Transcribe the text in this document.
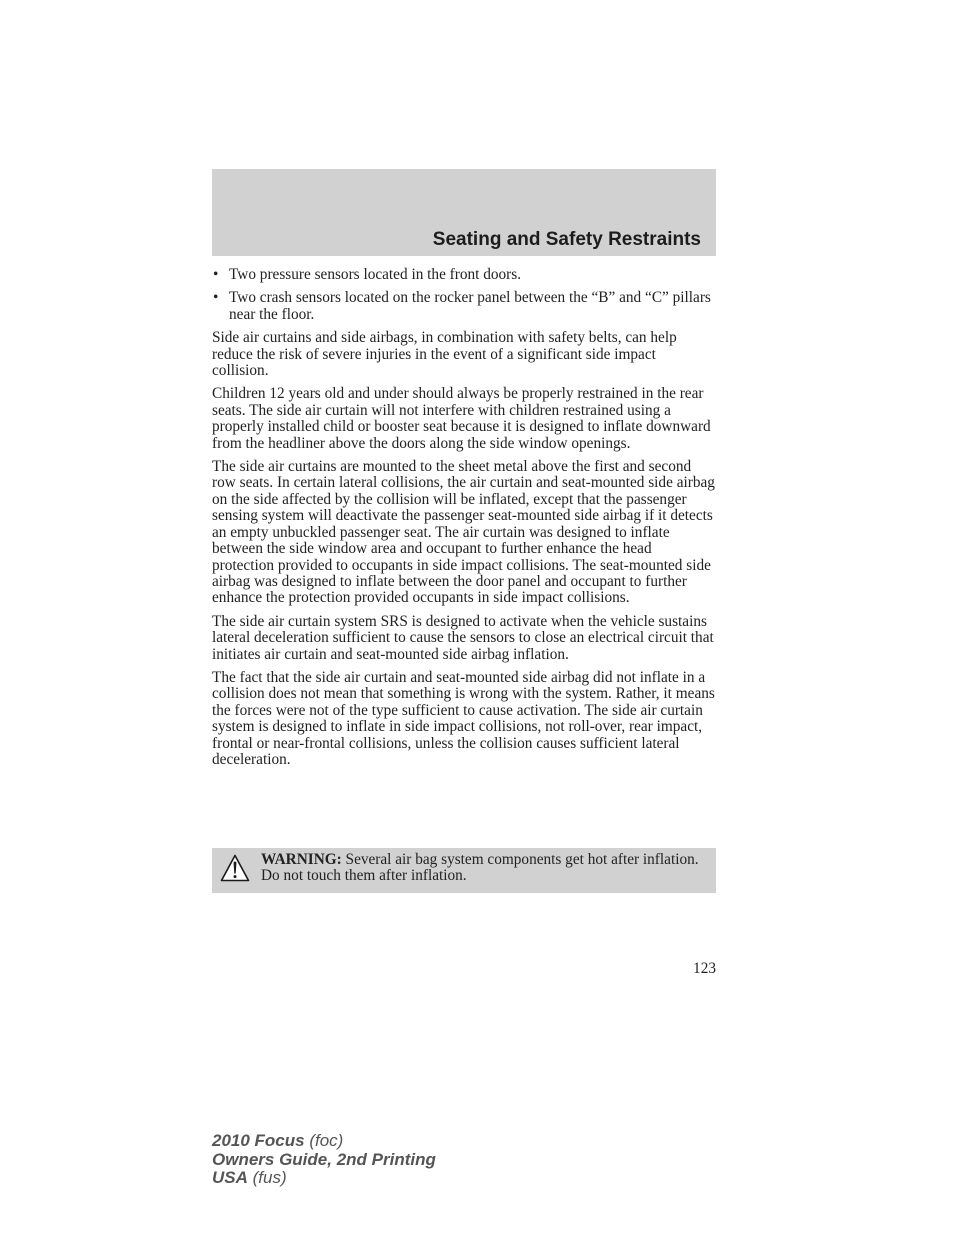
Seating and Safety Restraints
• Two pressure sensors located in the front doors.
• Two crash sensors located on the rocker panel between the “B” and “C” pillars near the floor.

Side air curtains and side airbags, in combination with safety belts, can help reduce the risk of severe injuries in the event of a significant side impact collision.

Children 12 years old and under should always be properly restrained in the rear seats. The side air curtain will not interfere with children restrained using a properly installed child or booster seat because it is designed to inflate downward from the headliner above the doors along the side window openings.

The side air curtains are mounted to the sheet metal above the first and second row seats. In certain lateral collisions, the air curtain and seat-mounted side airbag on the side affected by the collision will be inflated, except that the passenger sensing system will deactivate the passenger seat-mounted side airbag if it detects an empty unbuckled passenger seat. The air curtain was designed to inflate between the side window area and occupant to further enhance the head protection provided to occupants in side impact collisions. The seat-mounted side airbag was designed to inflate between the door panel and occupant to further enhance the protection provided occupants in side impact collisions.

The side air curtain system SRS is designed to activate when the vehicle sustains lateral deceleration sufficient to cause the sensors to close an electrical circuit that initiates air curtain and seat-mounted side airbag inflation.

The fact that the side air curtain and seat-mounted side airbag did not inflate in a collision does not mean that something is wrong with the system. Rather, it means the forces were not of the type sufficient to cause activation. The side air curtain system is designed to inflate in side impact collisions, not roll-over, rear impact, frontal or near-frontal collisions, unless the collision causes sufficient lateral deceleration.

WARNING: Several air bag system components get hot after inflation. Do not touch them after inflation.
123
2010 Focus (foc)
Owners Guide, 2nd Printing
USA (fus)
